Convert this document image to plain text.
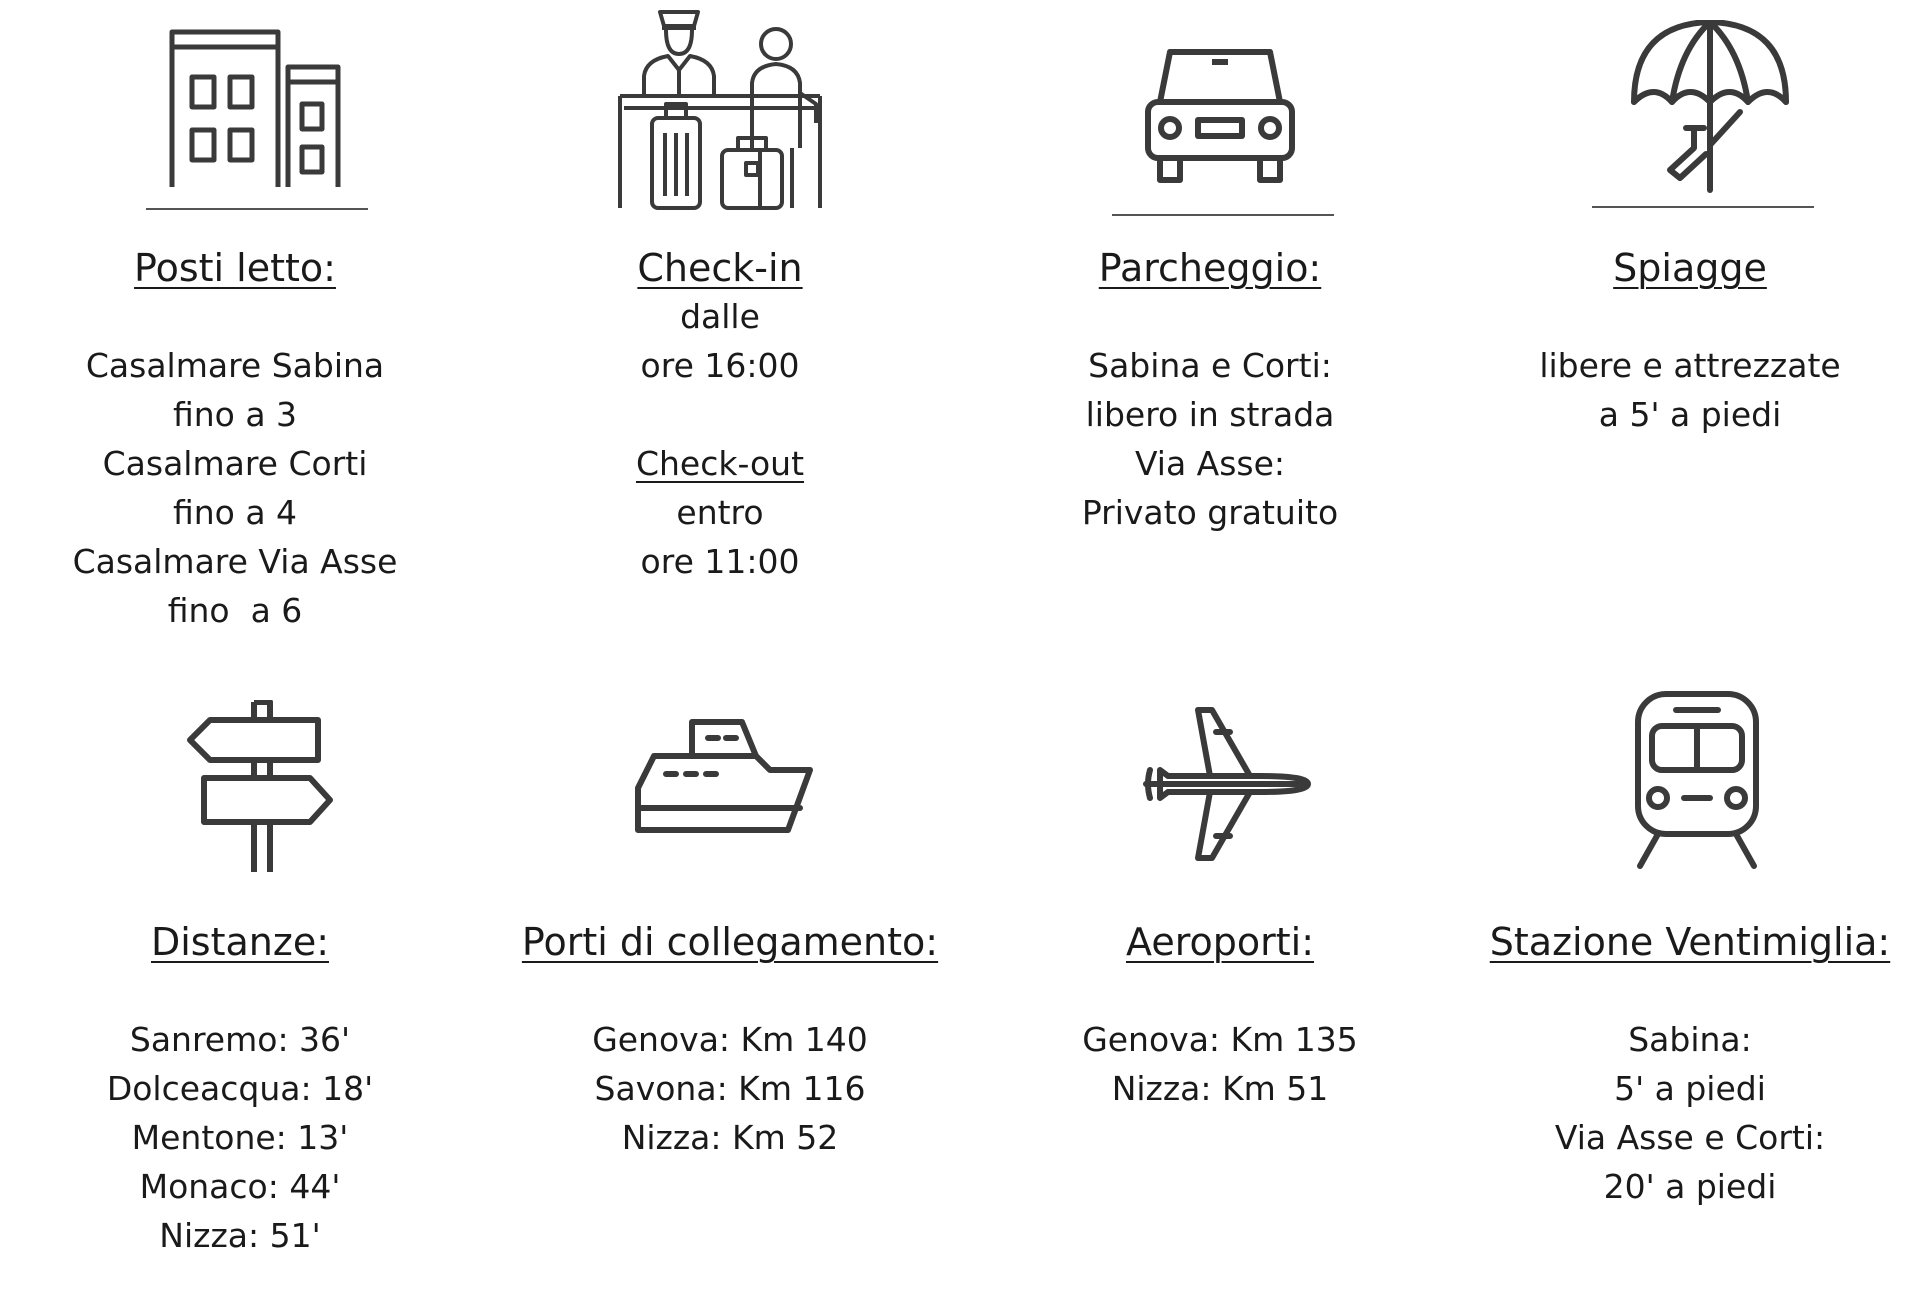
Posti letto:
Casalmare Sabina
fino a 3
Casalmare Corti
fino a 4
Casalmare Via Asse
fino  a 6
Check-in
dalle
ore 16:00
Check-out
entro
ore 11:00
Parcheggio:
Sabina e Corti:
libero in strada
Via Asse:
Privato gratuito
Spiagge
libere e attrezzate
a 5' a piedi
Distanze:
Sanremo: 36'
Dolceacqua: 18'
Mentone: 13'
Monaco: 44'
Nizza: 51'
Porti di collegamento:
Genova: Km 140
Savona: Km 116
Nizza: Km 52
Aeroporti:
Genova: Km 135
Nizza: Km 51
Stazione Ventimiglia:
Sabina:
5' a piedi
Via Asse e Corti:
20' a piedi
